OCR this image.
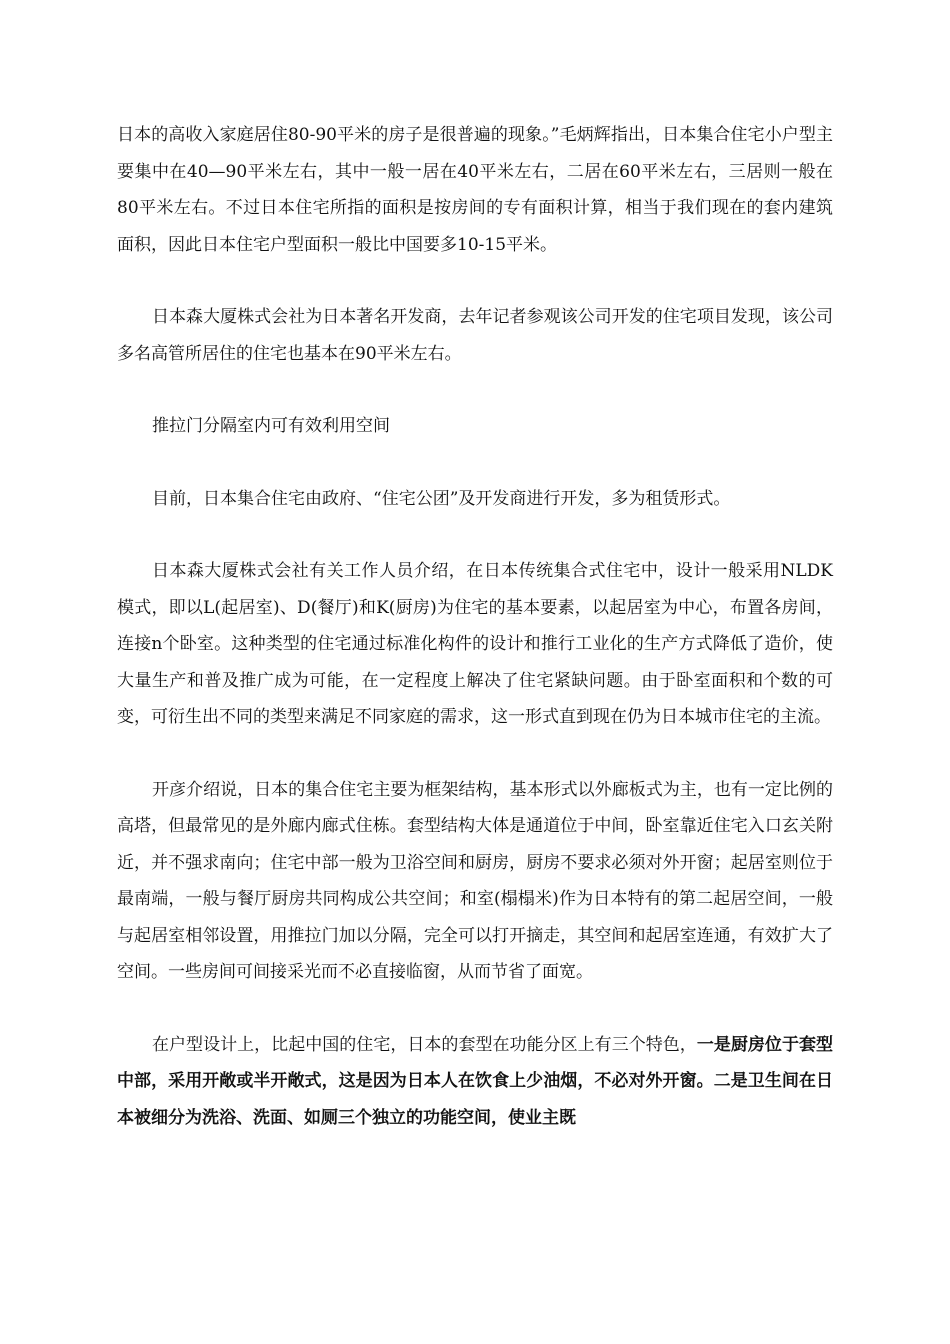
日本的高收入家庭居住80-90平米的房子是很普遍的现象。”毛炳辉指出，日本集合住宅小户型主要集中在40—90平米左右，其中一般一居在40平米左右，二居在60平米左右，三居则一般在80平米左右。不过日本住宅所指的面积是按房间的专有面积计算，相当于我们现在的套内建筑面积，因此日本住宅户型面积一般比中国要多10-15平米。

日本森大厦株式会社为日本著名开发商，去年记者参观该公司开发的住宅项目发现，该公司多名高管所居住的住宅也基本在90平米左右。

推拉门分隔室内可有效利用空间

目前，日本集合住宅由政府、“住宅公团”及开发商进行开发，多为租赁形式。

日本森大厦株式会社有关工作人员介绍，在日本传统集合式住宅中，设计一般采用NLDK模式，即以L(起居室)、D(餐厅)和K(厨房)为住宅的基本要素，以起居室为中心，布置各房间，连接n个卧室。这种类型的住宅通过标准化构件的设计和推行工业化的生产方式降低了造价，使大量生产和普及推广成为可能，在一定程度上解决了住宅紧缺问题。由于卧室面积和个数的可变，可衍生出不同的类型来满足不同家庭的需求，这一形式直到现在仍为日本城市住宅的主流。

开彦介绍说，日本的集合住宅主要为框架结构，基本形式以外廊板式为主，也有一定比例的高塔，但最常见的是外廊内廊式住栋。套型结构大体是通道位于中间，卧室靠近住宅入口玄关附近，并不强求南向；住宅中部一般为卫浴空间和厨房，厨房不要求必须对外开窗；起居室则位于最南端，一般与餐厅厨房共同构成公共空间；和室(榻榻米)作为日本特有的第二起居空间，一般与起居室相邻设置，用推拉门加以分隔，完全可以打开摘走，其空间和起居室连通，有效扩大了空间。一些房间可间接采光而不必直接临窗，从而节省了面宽。

在户型设计上，比起中国的住宅，日本的套型在功能分区上有三个特色，一是厨房位于套型中部，采用开敞或半开敞式，这是因为日本人在饮食上少油烟，不必对外开窗。二是卫生间在日本被细分为洗浴、洗面、如厕三个独立的功能空间，使业主既
